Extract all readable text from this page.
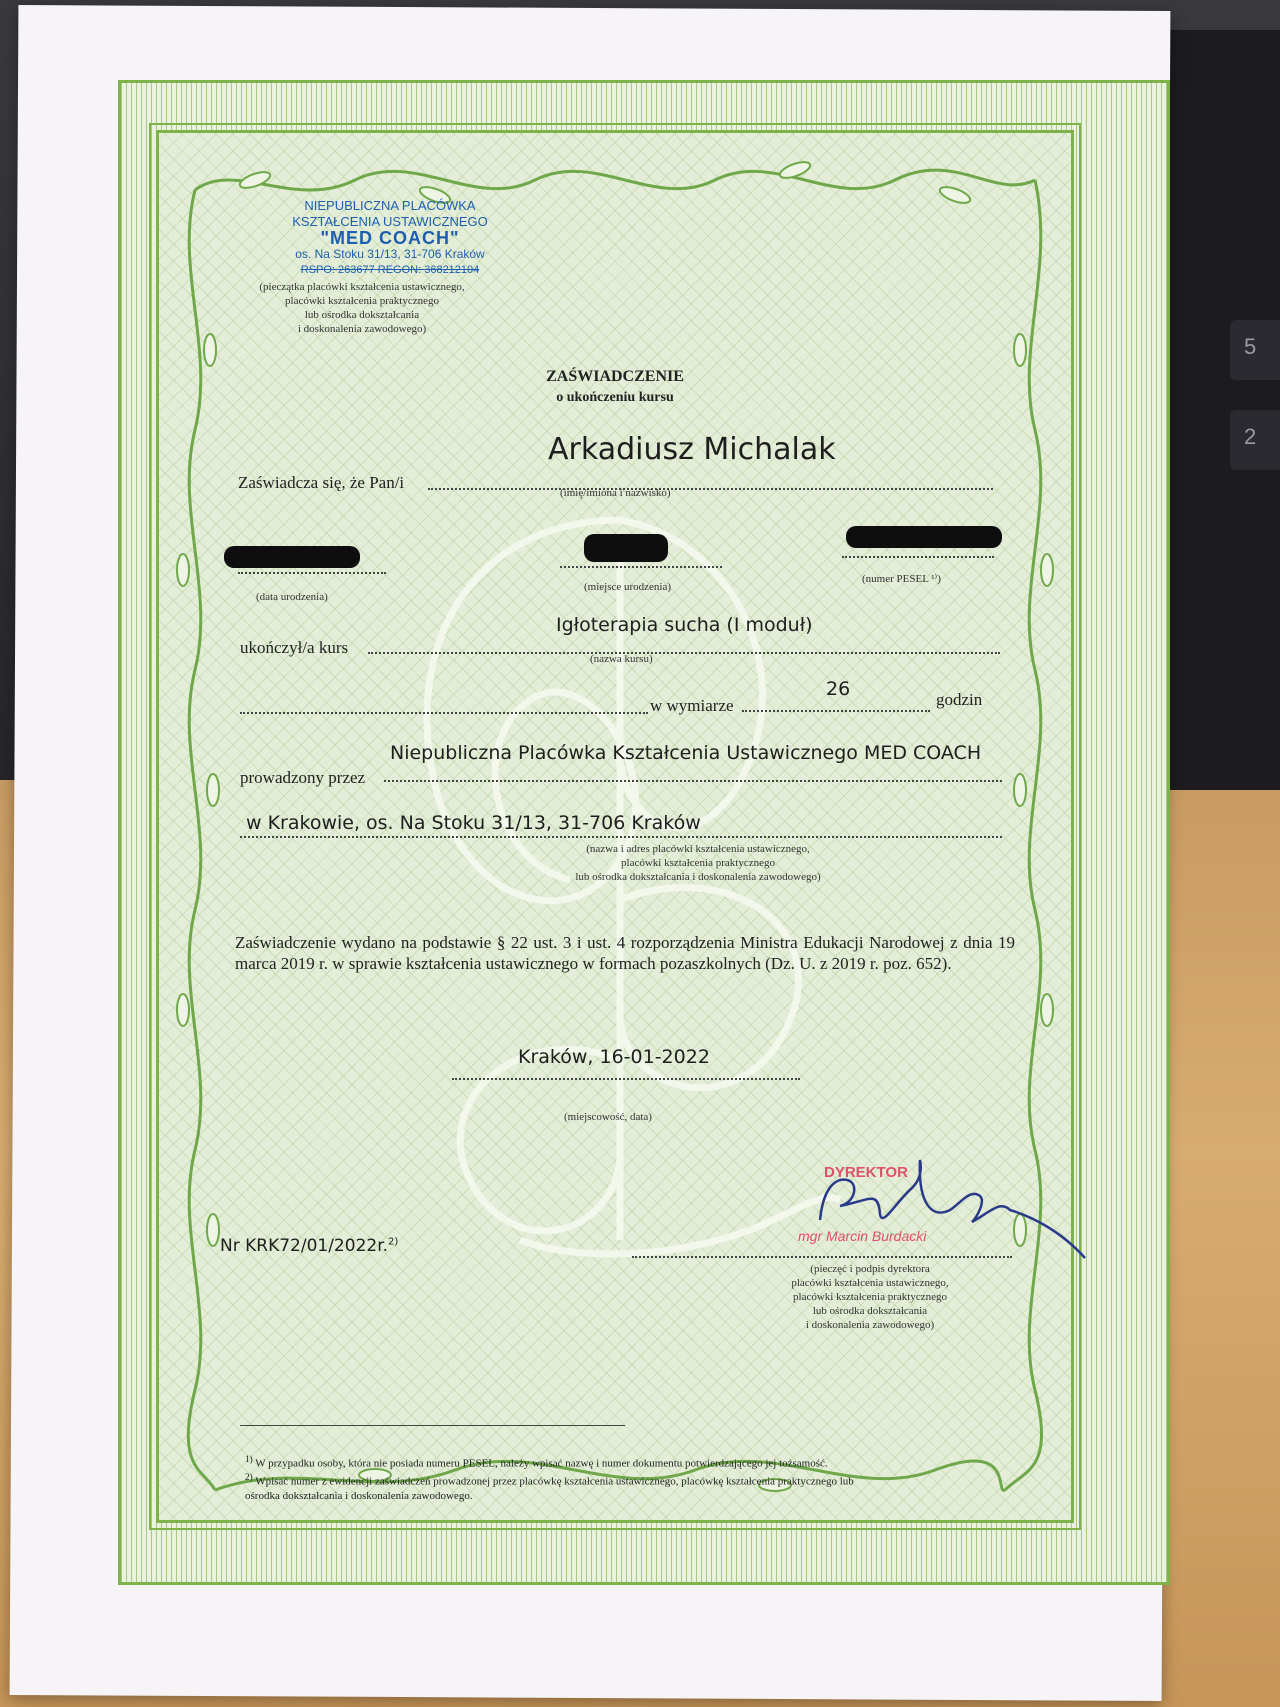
5
2
NIEPUBLICZNA PLACÓWKA
KSZTAŁCENIA USTAWICZNEGO
"MED COACH"
os. Na Stoku 31/13, 31-706 Kraków
RSPO: 263677 REGON: 368212104
(pieczątka placówki kształcenia ustawicznego,
placówki kształcenia praktycznego
lub ośrodka dokształcania
i doskonalenia zawodowego)
ZAŚWIADCZENIE
o ukończeniu kursu
Zaświadcza się, że Pan/i
Arkadiusz Michalak
(imię/imiona i nazwisko)
(data urodzenia)
(miejsce urodzenia)
(numer PESEL ¹⁾)
ukończył/a kurs
Igłoterapia sucha (I moduł)
(nazwa kursu)
w wymiarze
26	godzin
prowadzony przez
Niepubliczna Placówka Kształcenia Ustawicznego MED COACH
w Krakowie, os. Na Stoku 31/13, 31-706 Kraków
(nazwa i adres placówki kształcenia ustawicznego,
placówki kształcenia praktycznego
lub ośrodka dokształcania i doskonalenia zawodowego)
Zaświadczenie wydano na podstawie § 22 ust. 3 i ust. 4 rozporządzenia Ministra Edukacji Narodowej z dnia 19 marca 2019 r. w sprawie kształcenia ustawicznego w formach pozaszkolnych (Dz. U. z 2019 r. poz. 652).
Kraków, 16-01-2022
(miejscowość, data)
Nr KRK72/01/2022r.$^{2)}$
DYREKTOR
mgr Marcin Burdacki
(pieczęć i podpis dyrektora
placówki kształcenia ustawicznego,
placówki kształcenia praktycznego
lub ośrodka dokształcania
i doskonalenia zawodowego)
$^{1)}$ W przypadku osoby, która nie posiada numeru PESEL, należy wpisać nazwę i numer dokumentu potwierdzającego jej tożsamość.
$^{2)}$ Wpisać numer z ewidencji zaświadczeń prowadzonej przez placówkę kształcenia ustawicznego, placówkę kształcenia praktycznego lub
ośrodka dokształcania i doskonalenia zawodowego.
